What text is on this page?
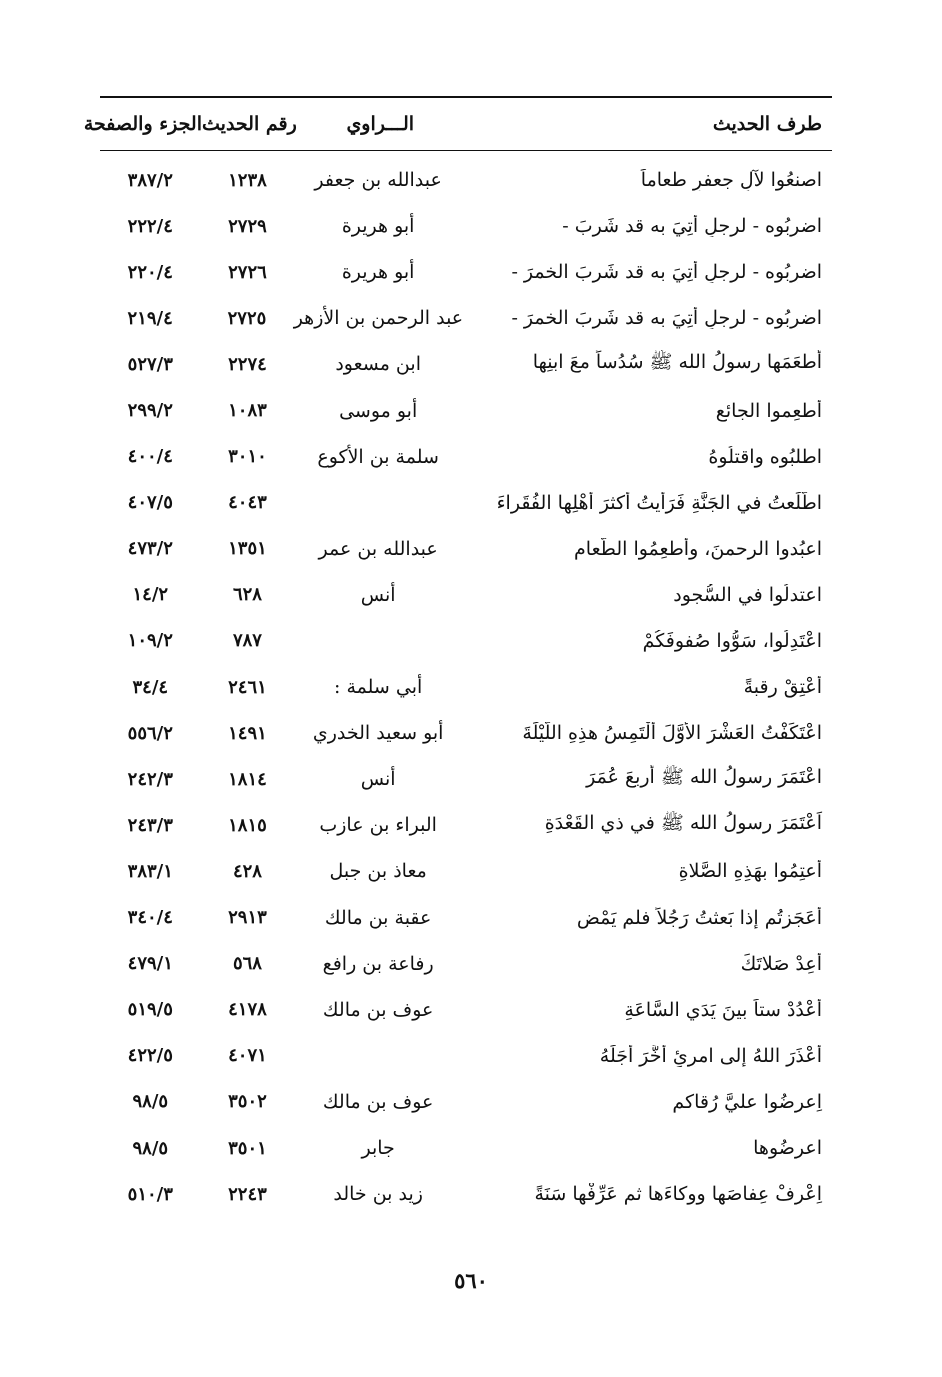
طرف الحديث
الـــراوي
رقم الحديث
الجزء والصفحة
اصنعُوا لآلِ جعفرٍ طعاماً
عبدالله بن جعفر
١٢٣٨
٣٨٧/٢
اضرِبُوه - لرجلٍ أُتِيَ به قد شَرِبَ -
أبو هريرة
٢٧٢٩
٢٢٢/٤
اضرِبُوه - لرجلٍ أُتِيَ به قد شَرِبَ الخمرَ -
أبو هريرة
٢٧٢٦
٢٢٠/٤
اضرِبُوه - لرجلٍ أُتِيَ به قد شَرِبَ الخمرَ -
عبد الرحمن بن الأزهر
٢٧٢٥
٢١٩/٤
أَطعَمَها رسولُ الله ﷺ سُدُساً معَ ابنِها
ابن مسعود
٢٢٧٤
٥٢٧/٣
أَطعِموا الجائع
أبو موسى
١٠٨٣
٢٩٩/٢
اطلبُوه واقتلُوهُ
سلمة بن الأكوع
٣٠١٠
٤٠٠/٤
اطَّلَعتُ في الجَنَّةِ فَرَأَيتُ أكثرَ أَهْلِها الفُقَراءَ
٤٠٤٣
٤٠٧/٥
اعبُدوا الرحمنَ، وأَطعِمُوا الطَّعام
عبدالله بن عمر
١٣٥١
٤٧٣/٢
اعتدلُوا في السُّجود
أنس
٦٢٨
١٤/٢
اعْتَدِلُوا، سَوُّوا صُفوفَكُمْ
٧٨٧
١٠٩/٢
أعْتِقْ رقبةً
أبي سلمة :
٢٤٦١
٣٤/٤
اعْتَكَفْتُ العَشْرَ الأَوَّلَ أَلْتَمِسُ هذِهِ اللَّيْلَةَ
أبو سعيد الخدري
١٤٩١
٥٥٦/٢
اعْتَمَرَ رسولُ الله ﷺ أربعَ عُمَرَ
أنس
١٨١٤
٢٤٢/٣
اَعْتَمَرَ رسولُ الله ﷺ في ذي القَعْدَةِ
البراء بن عازب
١٨١٥
٢٤٣/٣
أَعتِمُوا بهَذِهِ الصَّلاةِ
معاذ بن جبل
٤٢٨
٣٨٣/١
أَعَجَزتُم إذا بَعثتُ رَجُلاً فلم يَمْضِ
عقبة بن مالك
٢٩١٣
٣٤٠/٤
أعِدْ صَلاتَكَ
رفاعة بن رافع
٥٦٨
٤٧٩/١
أُعْدُدْ ستاً بينَ يَدَي السَّاعَةِ
عوف بن مالك
٤١٧٨
٥١٩/٥
أَعْذَرَ اللهُ إلى امرِئٍ أَخَّرَ أَجَلَهُ
٤٠٧١
٤٢٢/٥
اِعرِضُوا عليَّ رُقاكم
عوف بن مالك
٣٥٠٢
٩٨/٥
اعرِضُوها
جابر
٣٥٠١
٩٨/٥
اِعْرِفْ عِفاصَها ووِكاءَها ثم عَرِّفْها سَنَةً
زيد بن خالد
٢٢٤٣
٥١٠/٣
٥٦٠
